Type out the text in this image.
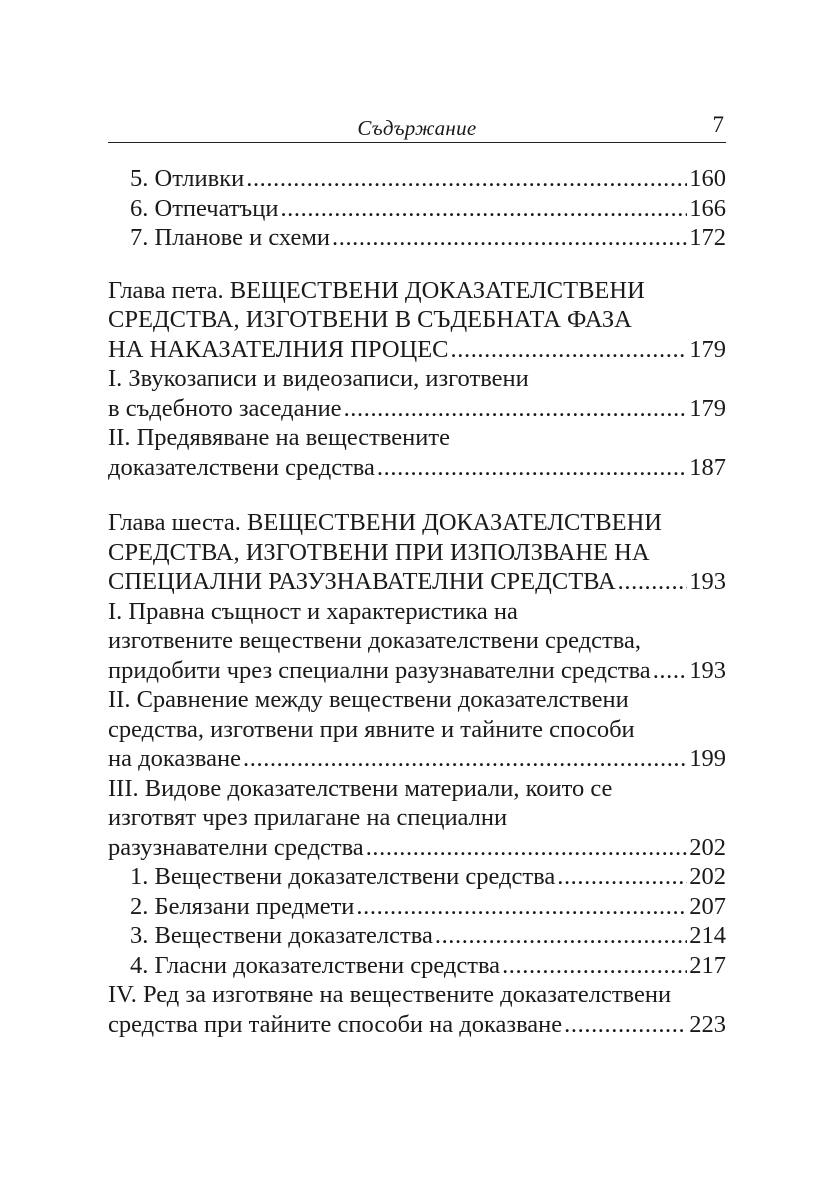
Съдържание	7
5. Отливки .....	160
6. Отпечатъци .....	166
7. Планове и схеми .....	172
Глава пета. ВЕЩЕСТВЕНИ ДОКАЗАТЕЛСТВЕНИ
СРЕДСТВА, ИЗГОТВЕНИ В СЪДЕБНАТА ФАЗА
НА НАКАЗАТЕЛНИЯ ПРОЦЕС .....	179
I. Звукозаписи и видеозаписи, изготвени
в съдебното заседание .....	179
II. Предявяване на веществените
доказателствени средства .....	187
Глава шеста. ВЕЩЕСТВЕНИ ДОКАЗАТЕЛСТВЕНИ
СРЕДСТВА, ИЗГОТВЕНИ ПРИ ИЗПОЛЗВАНЕ НА
СПЕЦИАЛНИ РАЗУЗНАВАТЕЛНИ СРЕДСТВА .....	193
I. Правна същност и характеристика на
изготвените веществени доказателствени средства,
придобити чрез специални разузнавателни средства ..... 193
II. Сравнение между веществени доказателствени
средства, изготвени при явните и тайните способи
на доказване .....	199
III. Видове доказателствени материали, които се
изготвят чрез прилагане на специални
разузнавателни средства .....	202
1. Веществени доказателствени средства .....	202
2. Белязани предмети .....	207
3. Веществени доказателства .....	214
4. Гласни доказателствени средства .....	217
IV. Ред за изготвяне на веществените доказателствени
средства при тайните способи на доказване .....	223
